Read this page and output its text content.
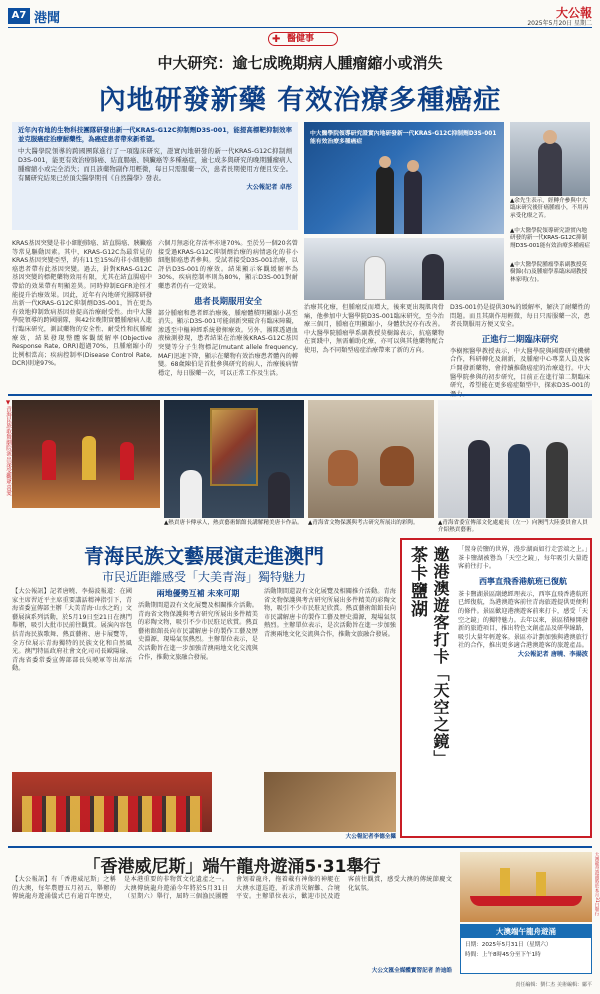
A7 港聞	大公報
2025年5月20日 星期二
✚ 醫健事
中大研究：逾七成晚期病人腫瘤縮小或消失
內地研發新藥 有效治療多種癌症

近年內有地的生物科技團隊研發出新一代KRAS-G12C抑制劑D3S-001，能提高標靶抑制效率並克服癌症治療耐藥性，為癌症患者帶來新希望。

中大醫學院領導的跨國團隊進行了一項臨床研究，證實內地研發的新一代KRAS-G12C抑制劑D3S-001，能更有效治療肺癌、結直腸癌、胰臟癌等多種癌症，逾七成多與研究的晚期腫瘤病人腫瘤縮小或完全消失；而且該藥物副作用輕微，每日只需服藥一次，患者長期使用方便且安全。有關研究結果已於頂尖醫學期刊《自然醫學》發表。

大公報記者 卓彤

中大醫學院領導研究證實內地研發新一代KRAS-G12C抑制劑D3S-001能有效治療多種癌症
▲余先生表示，經轉介參與中大臨床研究後肝癌腫瘤小，不用再承受化療之苦。
▲中大醫學院領導研究證實內地研發的新一代KRAS-G12C抑制劑D3S-001能有效治療多種癌症
▲中大醫學院腫瘤學系副教授莫樹錦(右)及腫瘤學系臨床副教授林家明(左)。
KRAS基因突變是非小細胞肺癌、結直腸癌、胰臟癌等常見驅動因素。其中，KRAS-G12C為最常見的KRAS基因突變亞型，約有11至15%的非小細胞肺癌患者帶有此基因突變。過去，針對KRAS-G12C基因突變的標靶藥物效用有限，尤其在結直腸癌中帶給的效果帶有明顯差異。同時抑制EGFR途徑才能提升治療效果。因此，近年有內地研究團隊研發出新一代KRAS-G12C抑制劑D3S-001，旨在更為有效地抑制致病基因並提高治療耐受性。由中大醫學院領導的跨國團隊，與42位晚期實體腫瘤病人進行臨床研究，測試藥物的安全性、耐受性和抗腫瘤療效，結果發現整體客觀緩解率(Objective Response Rate, ORR)超過70%，且腫瘤縮小的比例相當高；疾病控制率(Disease Control Rate, DCR)則達97%。

六個月無惡化存活率亦達70%。至於另一個20名曾接受過KRAS-G12C抑制劑治療的病情惡化的非小細胞肺癌患者參與。受試者接受D3S-001治療，以評估D3S-001的療效。結果顯示客觀緩解率為30%，疾病控制率則為80%，顯示D3S-001對耐藥患者仍有一定效果。

患者長期服用安全

部分腫瘤和患者經治療後，腫瘤體積明顯縮小甚至消失。顯示D3S-001可能創新突破含有臨床障礙，渗透至中樞神經系統發揮療效。另外，團隊透過血液檢測發現，患者結果在治療後KRAS-G12C基因突變等分子生物標記(mutant allele frequency, MAF)迅速下降，顯示在藥物有效治療患者體內的轉變。68歲陳伯是首批參與研究的病人，治療後病情穩定，每日服藥一次，可以正常工作及生活。

治療其化療，但腫瘤反而增大，後來更出現肌肉骨痛，他參加中大醫學院D3S-001臨床研究，至今治療三個月，腫瘤在明顯縮小，身體狀況亦有改善。中大醫學院腫瘤學系副教授莫樹錦表示，抗癌藥物在實踐中，無需輔助化療，亦可以與其他藥物配合使用，為不同類型癌症治療帶來了新的方向。

D3S-001仍是提供30%的緩解率，解決了耐藥性的問題。而且其副作用輕微，每日只需服藥一次，患者長期服用方便又安全。

正進行二期臨床研究

李樹熙醫學教授表示，中大醫學院與國際研究機構合作，科研轉化及創新，及腫瘤中心專業人員及客戶開發新藥物，會持續推動癌症的治療進行。中大醫學院參與的初步研究，目前正在進行第二期臨床研究，希望能在更多癌症類型中，探索D3S-001的

▼青海民族歌舞劇院演出深受觀眾喜愛
▲熱貢唐卡傳承人，熱貢藝術館館長講解精美唐卡作品。 ▲青海省文物保護與考古研究所展出的彩陶。	▲青海省委宣傳部文化處處長（左一）向澳門大陸委員會人員介紹熱貢藝術。
青海民族文藝展演走進澳門
市民近距離感受「大美青海」獨特魅力
【大公報訊】記者唐曉、李揚波報道：在國家主席習近平主席重要講話精神指引下，青海省委宣傳部主辦「大美青海·山水之約」文藝展演系列活動，於5月19日至21日在澳門舉辦，吸引大批市民前往觀賞。展演內容包括青海民族歌舞、熱貢藝術、唐卡展覽等，全方位展示青海獨特的民族文化和自然風光。澳門特區政府社會文化司司長歐陽瑜、青海省委常委宣傳部部長吳曉軍等出席活動。

兩地優勢互補 未來可期

活動期間還設有文化展覽及相關推介活動。青海省文物保護與考古研究所展出多件精美的彩陶文物，吸引不少市民駐足欣賞。熱貢藝術館館長向市民講解唐卡的製作工藝及歷史淵源，現場氣氛熱烈。主辦單位表示，是次活動旨在進一步加強青澳兩地文化交流與合作，推動文旅融合發展。

活動期間還設有文化展覽及相關推介活動。青海省文物保護與考古研究所展出多件精美的彩陶文物，吸引不少市民駐足欣賞。熱貢藝術館館長向市民講解唐卡的製作工藝及歷史淵源，現場氣氛熱烈。主辦單位表示，是次活動旨在進一步加強青澳兩地文化交流與合作，推動文旅融合發展。
大公報記者李德全攝
茶卡鹽湖 邀港澳遊客打卡「天空之鏡」	「置身於鹽的世界，漫步湖面如行走雲端之上。」茶卡鹽湖被譽為「天空之鏡」，每年吸引大量遊客前往打卡。

西寧直飛香港航班已復航

茶卡鹽湖景區副總經理表示，西寧直飛香港航班已經復航，為港澳遊客前往青海旅遊提供更便利的條件。景區歡迎港澳遊客前來打卡，感受「天空之鏡」的獨特魅力。去年以來，景區積極開發新的旅遊項目，推出特色文創產品及研學線路，吸引大量年輕遊客。景區亦計劃加強與港澳旅行社的合作，推出更多適合港澳遊客的旅遊產品。

大公報記者 唐曉、李揚波

「香港威尼斯」端午龍舟遊涌5·31舉行
【大公報訊】有「香港威尼斯」之稱的大澳，每年農曆五月初五，舉辦的傳統龍舟遊涌儀式已有逾百年歷史，是本港重要的非物質文化遺產之一。大澳傳統龍舟遊涌今年將於5月31日（星期六）舉行，屆時三個漁民團體會划着龍舟，拖着載有神像的神艇在大澳水道巡遊，祈求消災解難、合境平安。主辦單位表示，歡迎市民及遊客前往觀賞，感受大澳的傳統節慶文化氣氛。
大公文匯全媒體實習記者 許迪皓
大澳龍舟遊涌將於本月31日舉行
大澳端午龍舟遊涌
日期：2025年5月31日（星期六）
時間：上午8時45分至下午1時
責任編輯：劉仁杰 美術編輯：鄺平
